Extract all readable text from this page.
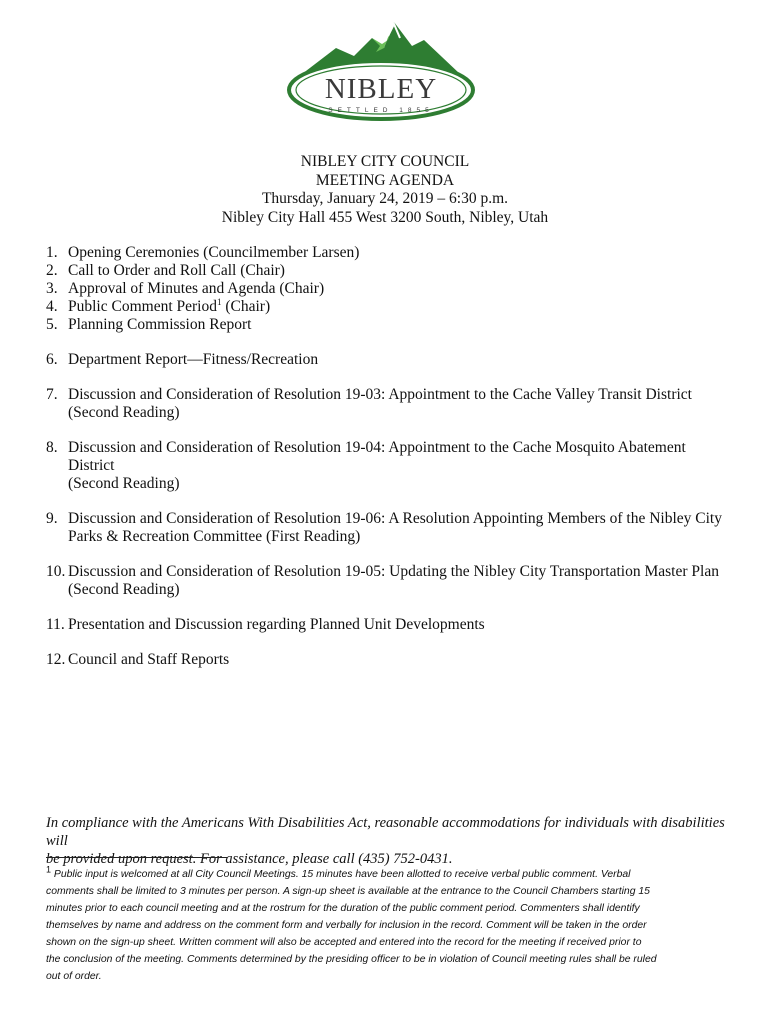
NIBLEY
SETTLED 1855
NIBLEY CITY COUNCIL
MEETING AGENDA
Thursday, January 24, 2019 – 6:30 p.m.
Nibley City Hall 455 West 3200 South, Nibley, Utah
1. Opening Ceremonies (Councilmember Larsen)
2. Call to Order and Roll Call (Chair)
3. Approval of Minutes and Agenda (Chair)
4. Public Comment Period$^1$ (Chair)
5. Planning Commission Report
6. Department Report—Fitness/Recreation
7. Discussion and Consideration of Resolution 19-03: Appointment to the Cache Valley Transit District
(Second Reading)
8. Discussion and Consideration of Resolution 19-04: Appointment to the Cache Mosquito Abatement District
(Second Reading)
9. Discussion and Consideration of Resolution 19-06: A Resolution Appointing Members of the Nibley City
Parks & Recreation Committee (First Reading)
10. Discussion and Consideration of Resolution 19-05: Updating the Nibley City Transportation Master Plan
(Second Reading)
11. Presentation and Discussion regarding Planned Unit Developments
12. Council and Staff Reports
In compliance with the Americans With Disabilities Act, reasonable accommodations for individuals with disabilities will
be provided upon request. For assistance, please call (435) 752-0431.
$^1$ Public input is welcomed at all City Council Meetings. 15 minutes have been allotted to receive verbal public comment. Verbal
comments shall be limited to 3 minutes per person. A sign-up sheet is available at the entrance to the Council Chambers starting 15
minutes prior to each council meeting and at the rostrum for the duration of the public comment period. Commenters shall identify
themselves by name and address on the comment form and verbally for inclusion in the record. Comment will be taken in the order
shown on the sign-up sheet. Written comment will also be accepted and entered into the record for the meeting if received prior to
the conclusion of the meeting. Comments determined by the presiding officer to be in violation of Council meeting rules shall be ruled
out of order.
